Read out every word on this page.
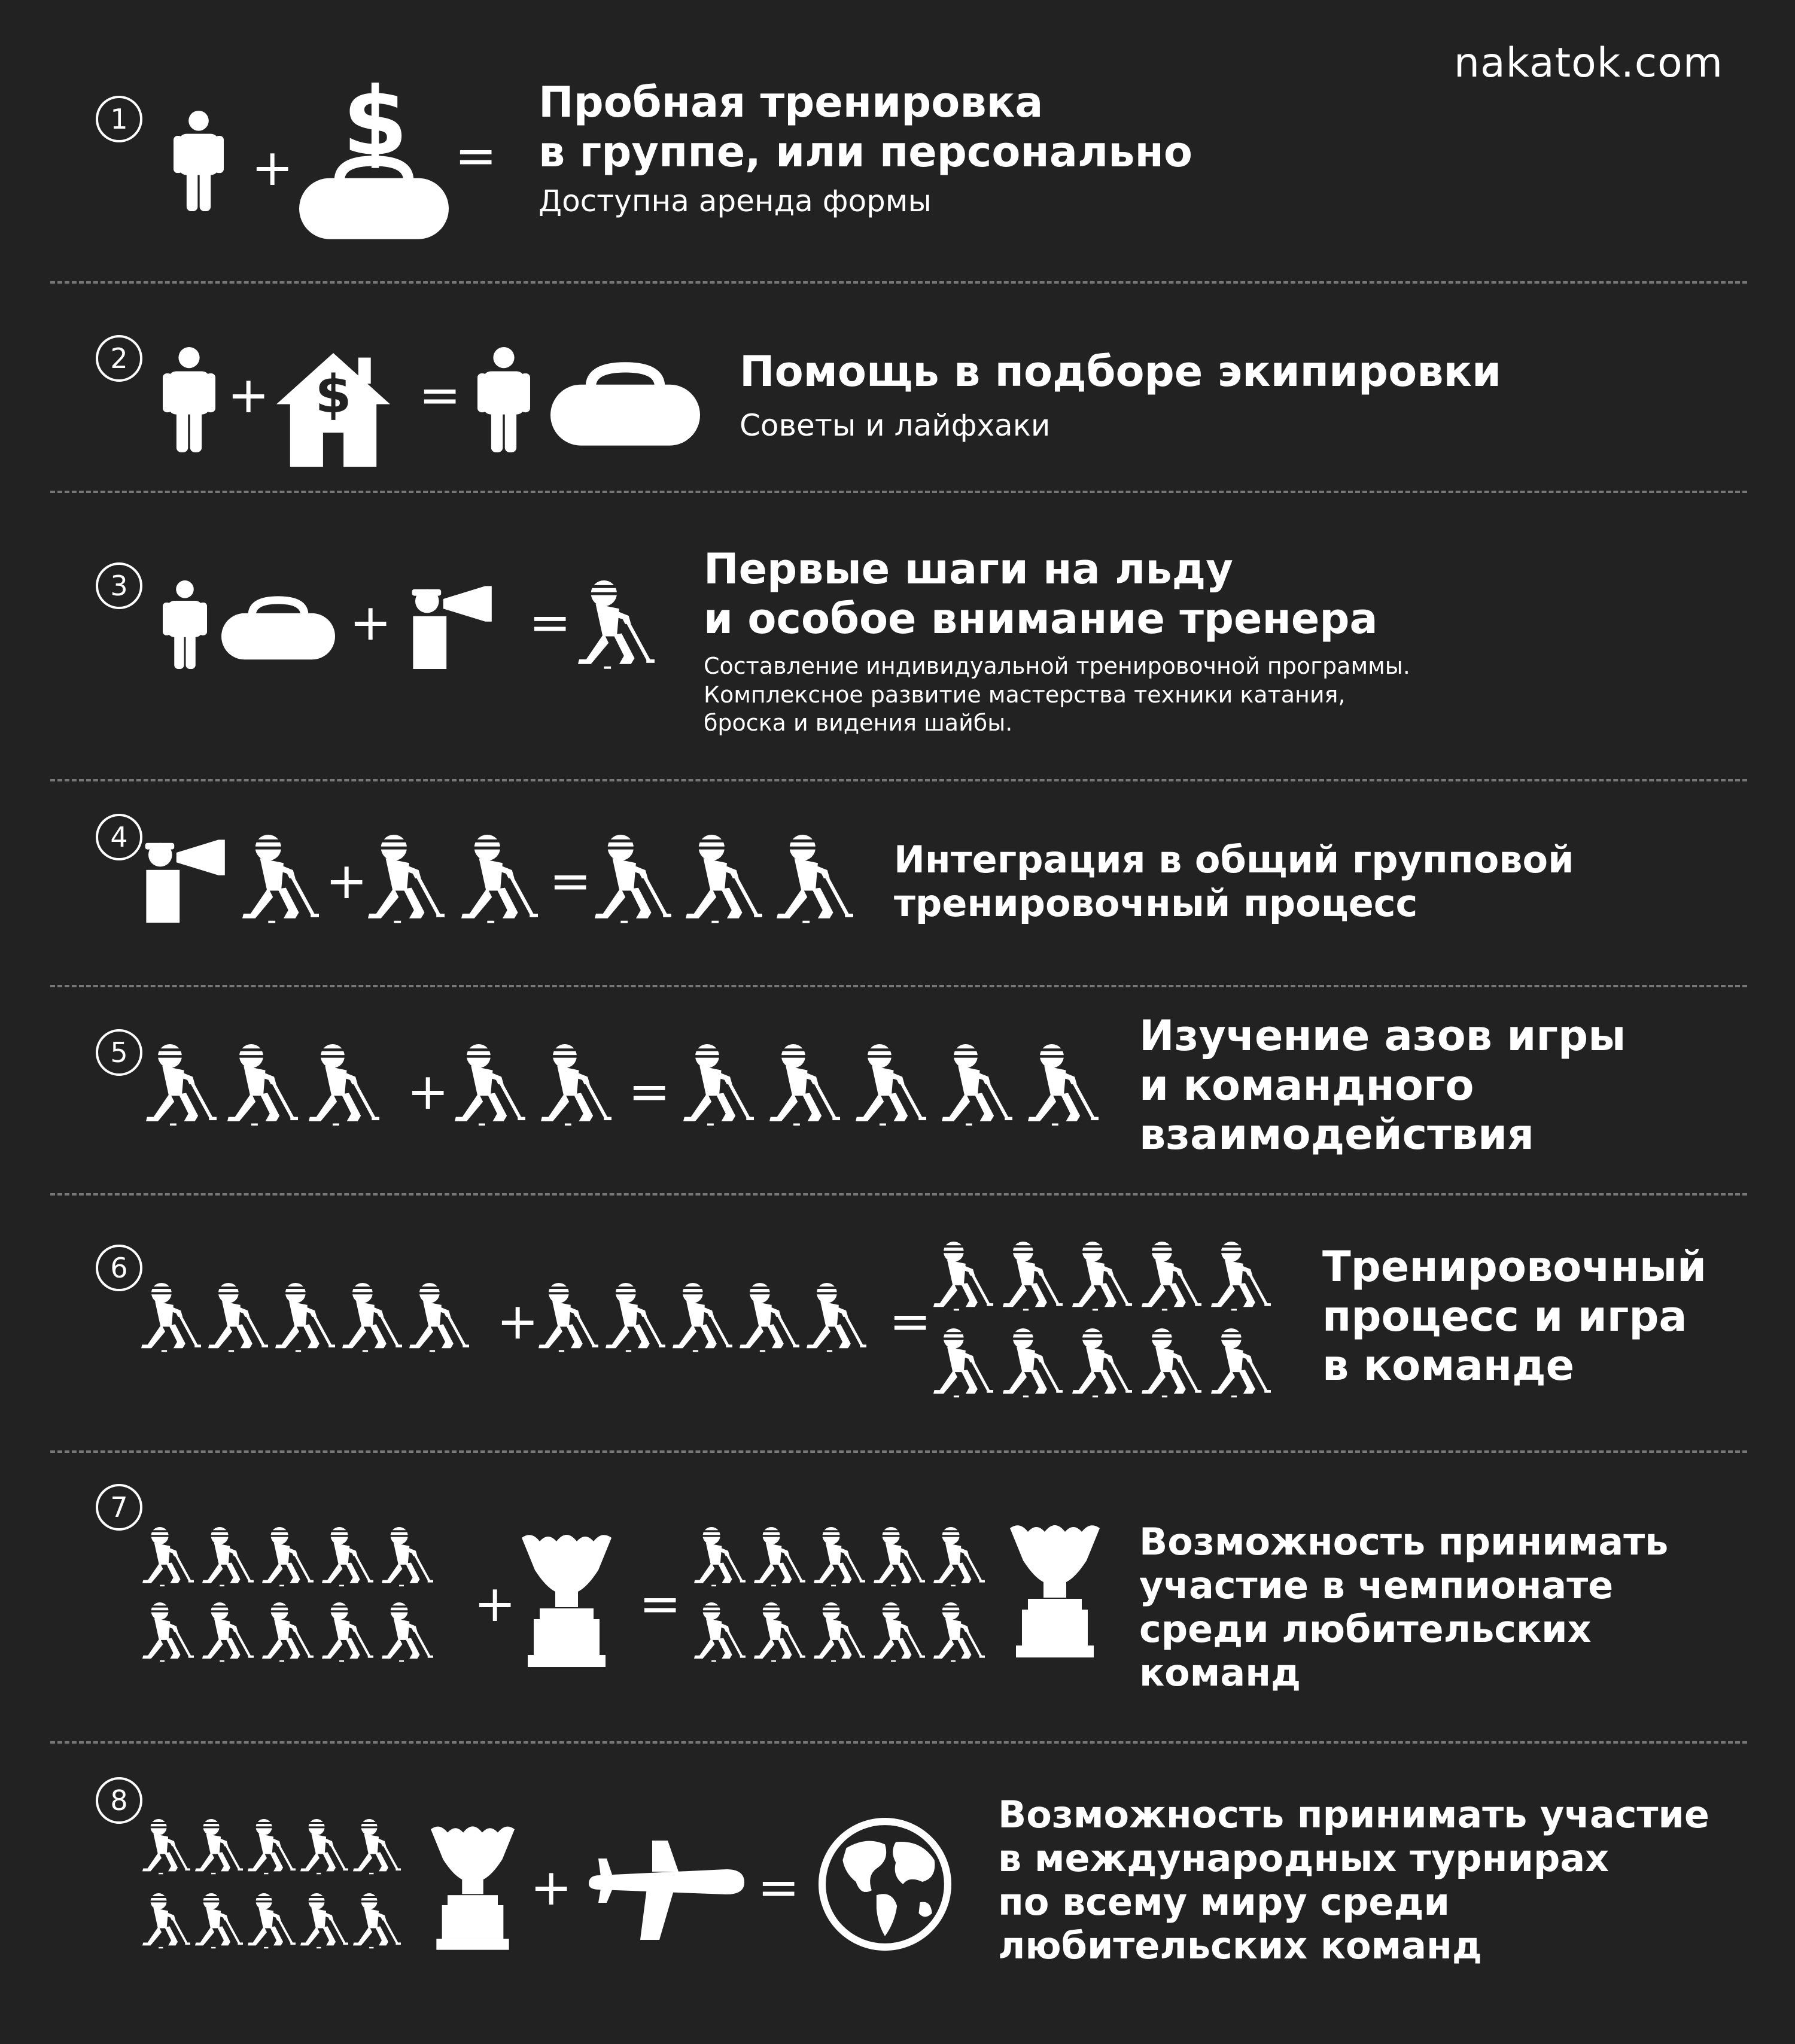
nakatok.com
1	Пробная тренировка
в группе, или персонально
Доступна аренда формы
2	Помощь в подборе экипировки
Советы и лайфхаки
3	Первые шаги на льду
и особое внимание тренера
Составление индивидуальной тренировочной программы.
Комплексное развитие мастерства техники катания,
броска и видения шайбы.
4
Интеграция в общий групповой
тренировочный процесс
5	Изучение азов игры
и командного
взаимодействия
6	Тренировочный
процесс и игра
в команде
7
Возможность принимать
участие в чемпионате
среди любительских
команд
8	Возможность принимать участие
в международных турнирах
по всему миру среди
любительских команд
+ $ =
+ $ =
+	=
+	=
+	=
+	=
+ =
+	=
